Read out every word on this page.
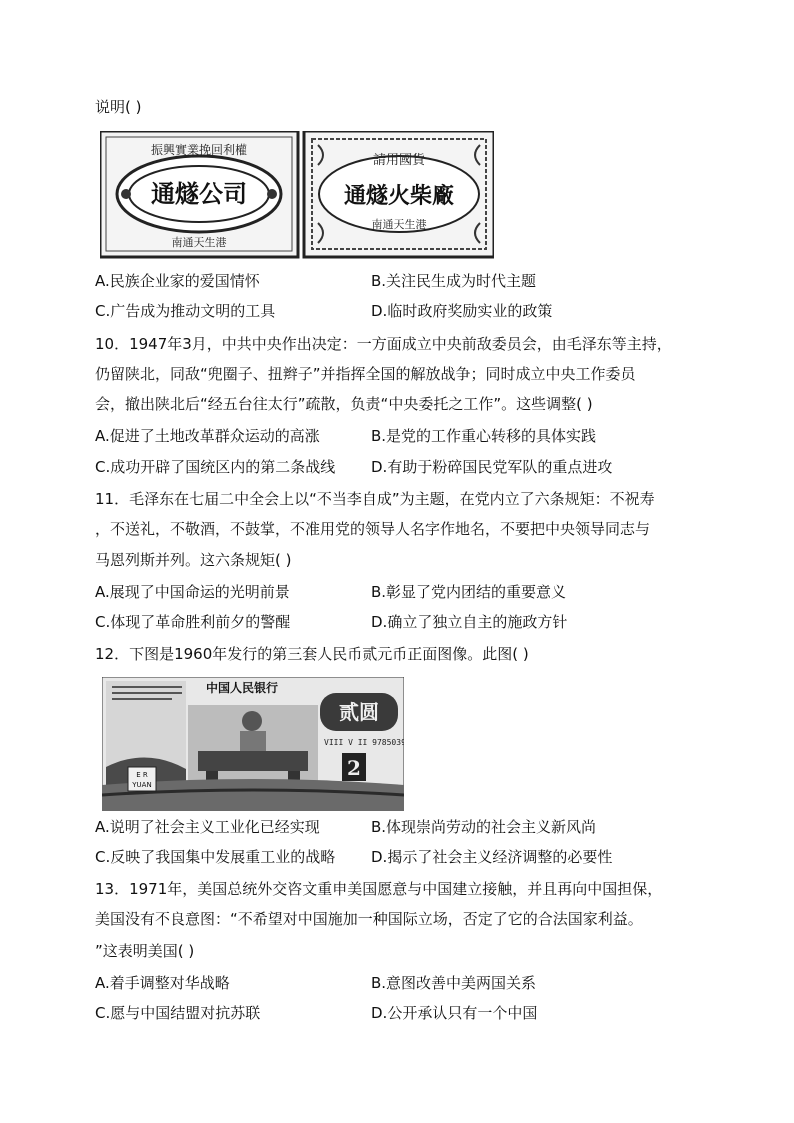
说明( )
振興實業挽回利權
通燧公司
南通天生港
請用國貨
通燧火柴廠
南通天生港
A.民族企业家的爱国情怀	B.关注民生成为时代主题
C.广告成为推动文明的工具	D.临时政府奖励实业的政策
10．1947年3月，中共中央作出决定：一方面成立中央前敌委员会，由毛泽东等主持，
仍留陕北，同敌“兜圈子、扭辫子”并指挥全国的解放战争；同时成立中央工作委员
会，撤出陕北后“经五台往太行”疏散，负责“中央委托之工作”。这些调整( )
A.促进了土地改革群众运动的高涨	B.是党的工作重心转移的具体实践
C.成功开辟了国统区内的第二条战线 D.有助于粉碎国民党军队的重点进攻
11．毛泽东在七届二中全会上以“不当李自成”为主题，在党内立了六条规矩：不祝寿
，不送礼，不敬酒，不鼓掌，不准用党的领导人名字作地名，不要把中央领导同志与
马恩列斯并列。这六条规矩( )
A.展现了中国命运的光明前景	B.彰显了党内团结的重要意义
C.体现了革命胜利前夕的警醒	D.确立了独立自主的施政方针
12．下图是1960年发行的第三套人民币贰元币正面图像。此图( )
中国人民银行
贰圆
VIII V II 9785039
E R
YUAN
2
A.说明了社会主义工业化已经实现	B.体现崇尚劳动的社会主义新风尚
C.反映了我国集中发展重工业的战略 D.揭示了社会主义经济调整的必要性
13．1971年，美国总统外交咨文重申美国愿意与中国建立接触，并且再向中国担保，
美国没有不良意图：“不希望对中国施加一种国际立场，否定了它的合法国家利益。
”这表明美国( )
A.着手调整对华战略	B.意图改善中美两国关系
C.愿与中国结盟对抗苏联	D.公开承认只有一个中国
